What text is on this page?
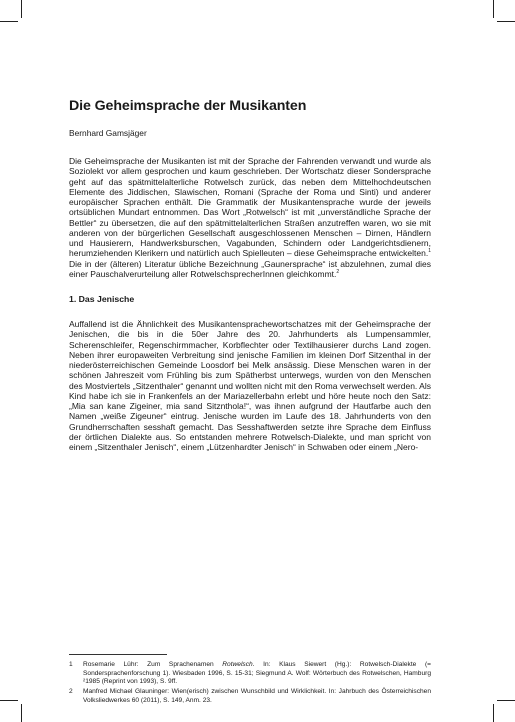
Die Geheimsprache der Musikanten
Bernhard Gamsjäger

Die Geheimsprache der Musikanten ist mit der Sprache der Fahrenden verwandt und wurde als Soziolekt vor allem gesprochen und kaum geschrieben. Der Wortschatz dieser Sondersprache geht auf das spätmittelalterliche Rotwelsch zurück, das neben dem Mittelhochdeutschen Elemente des Jiddischen, Slawischen, Romani (Sprache der Roma und Sinti) und anderer europäischer Sprachen enthält. Die Grammatik der Musikantensprache wurde der jeweils ortsüblichen Mundart entnommen. Das Wort „Rotwelsch“ ist mit „unverständliche Sprache der Bettler“ zu übersetzen, die auf den spätmittelalterlichen Straßen anzutreffen waren, wo sie mit anderen von der bürgerlichen Gesellschaft ausgeschlossenen Menschen – Dirnen, Händlern und Hausierern, Handwerksburschen, Vagabunden, Schindern oder Landgerichtsdienern, herumziehenden Klerikern und natürlich auch Spielleuten – diese Geheimsprache entwickelten.$^1$ Die in der (älteren) Literatur übliche Bezeichnung „Gaunersprache“ ist abzulehnen, zumal dies einer Pauschalverurteilung aller RotwelschsprecherInnen gleichkommt.$^2$

1. Das Jenische

Auffallend ist die Ähnlichkeit des Musikantensprachewortschatzes mit der Geheimsprache der Jenischen, die bis in die 50er Jahre des 20. Jahrhunderts als Lumpensammler, Scherenschleifer, Regenschirmmacher, Korbflechter oder Textilhausierer durchs Land zogen. Neben ihrer europaweiten Verbreitung sind jenische Familien im kleinen Dorf Sitzenthal in der niederösterreichischen Gemeinde Loosdorf bei Melk ansässig. Diese Menschen waren in der schönen Jahreszeit vom Frühling bis zum Spätherbst unterwegs, wurden von den Menschen des Mostviertels „Sitzenthaler“ genannt und wollten nicht mit den Roma verwechselt werden. Als Kind habe ich sie in Frankenfels an der Mariazellerbahn erlebt und höre heute noch den Satz: „Mia san kane Zigeiner, mia sand Sitznthola!“, was ihnen aufgrund der Hautfarbe auch den Namen „weiße Zigeuner“ eintrug. Jenische wurden im Laufe des 18. Jahrhunderts von den Grundherrschaften sesshaft gemacht. Das Sesshaftwerden setzte ihre Sprache dem Einfluss der örtlichen Dialekte aus. So entstanden mehrere Rotwelsch-Dialekte, und man spricht von einem „Sitzenthaler Jenisch“, einem „Lützenhardter Jenisch“ in Schwaben oder einem „Nero-

1 Rosemarie Lühr: Zum Sprachenamen Rotwelsch. In: Klaus Siewert (Hg.): Rotwelsch-Dialekte (= Sondersprachenforschung 1). Wiesbaden 1996, S. 15-31; Siegmund A. Wolf: Wörterbuch des Rotwelschen, Hamburg ²1985 (Reprint von 1993), S. 9ff.
2 Manfred Michael Glauninger: Wien(erisch) zwischen Wunschbild und Wirklichkeit. In: Jahrbuch des Österreichischen Volksliedwerkes 60 (2011), S. 149, Anm. 23.
